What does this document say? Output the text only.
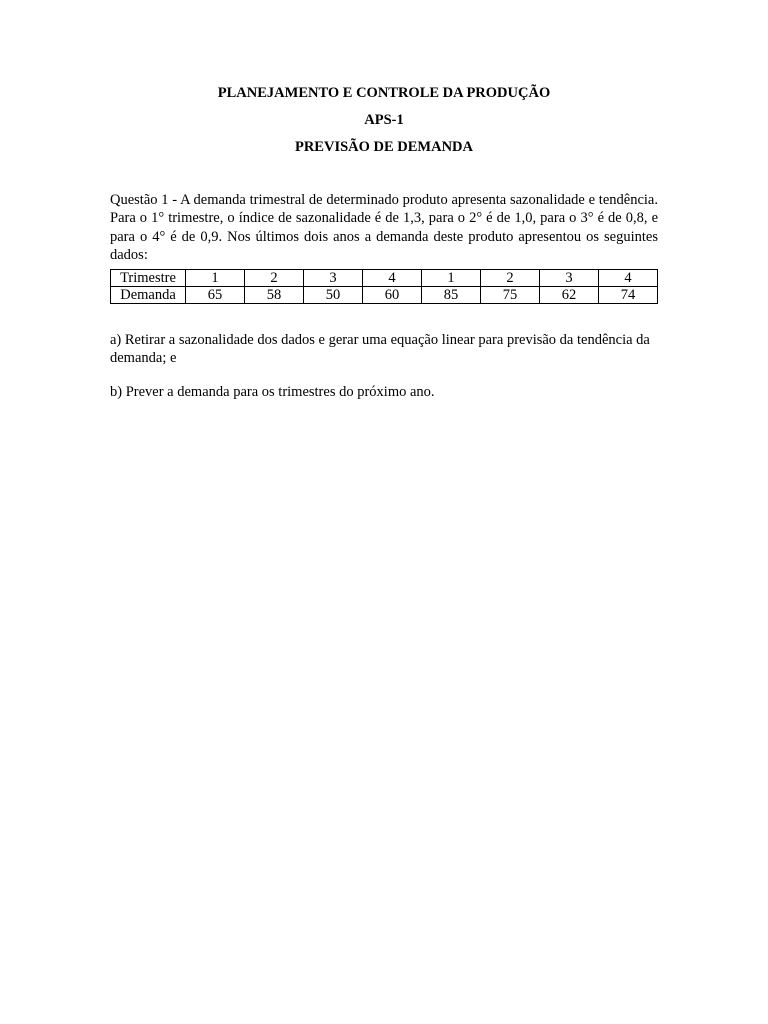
PLANEJAMENTO E CONTROLE DA PRODUÇÃO

APS-1

PREVISÃO DE DEMANDA

Questão 1 - A demanda trimestral de determinado produto apresenta sazonalidade e tendência. Para o 1° trimestre, o índice de sazonalidade é de 1,3, para o 2° é de 1,0, para o 3° é de 0,8, e para o 4° é de 0,9. Nos últimos dois anos a demanda deste produto apresentou os seguintes dados:

Trimestre	1	2	3	4	1	2	3	4
Demanda	65	58	50	60	85	75	62	74

a) Retirar a sazonalidade dos dados e gerar uma equação linear para previsão da tendência da demanda; e

b) Prever a demanda para os trimestres do próximo ano.
